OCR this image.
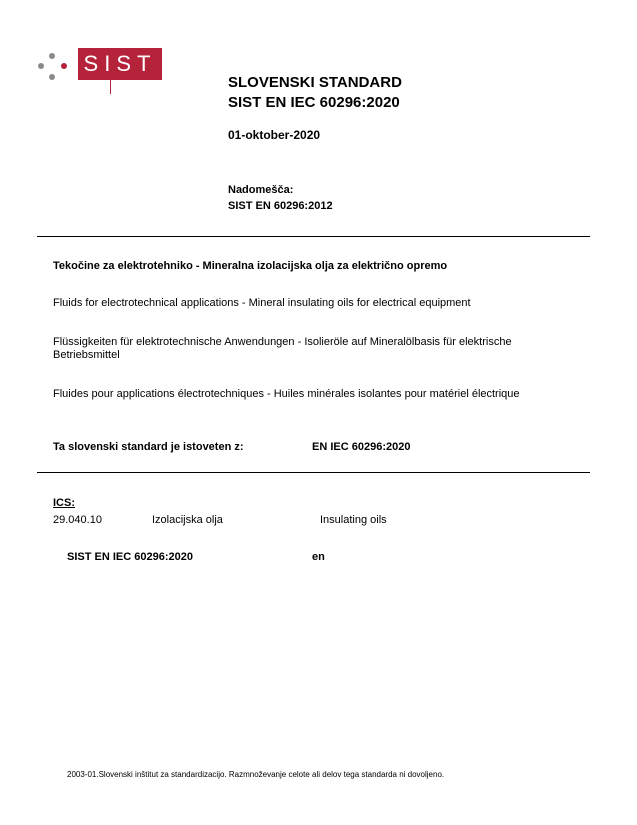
SIST
SLOVENSKI STANDARD
SIST EN IEC 60296:2020
01-oktober-2020
Nadomešča:
SIST EN 60296:2012
Tekočine za elektrotehniko - Mineralna izolacijska olja za električno opremo
Fluids for electrotechnical applications - Mineral insulating oils for electrical equipment
Flüssigkeiten für elektrotechnische Anwendungen - Isolieröle auf Mineralölbasis für elektrische Betriebsmittel
Fluides pour applications électrotechniques - Huiles minérales isolantes pour matériel électrique
Ta slovenski standard je istoveten z:	EN IEC 60296:2020
ICS:
29.040.10	Izolacijska olja	Insulating oils
SIST EN IEC 60296:2020	en
2003-01.Slovenski inštitut za standardizacijo. Razmnoževanje celote ali delov tega standarda ni dovoljeno.
